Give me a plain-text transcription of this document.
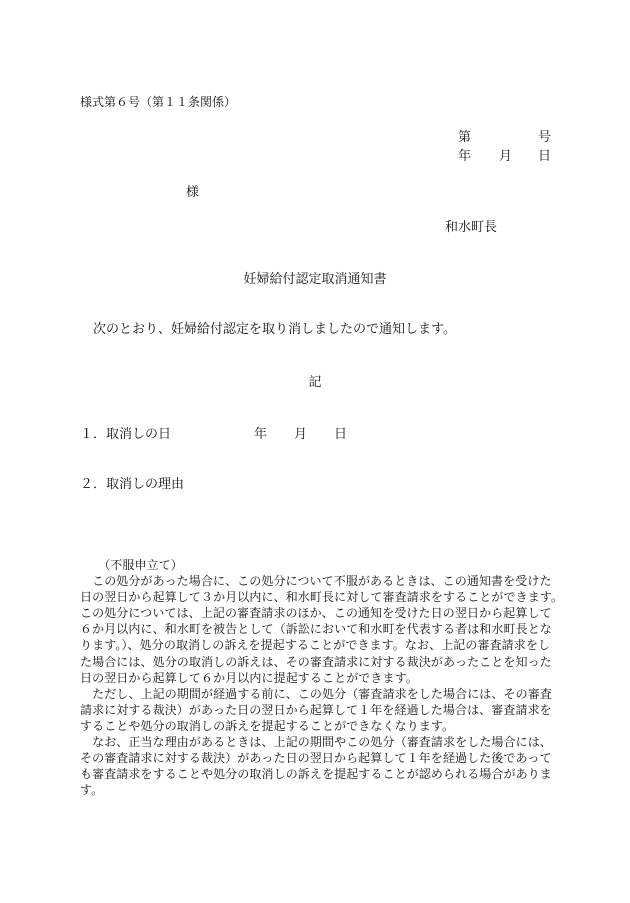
様式第６号（第１１条関係）
第	号
年 月 日
様
和水町長
妊婦給付認定取消通知書
次のとおり、妊婦給付認定を取り消しましたので通知します。
記
１．取消しの日	年 月 日
２．取消しの理由
　　（不服申立て）
　この処分があった場合に、この処分について不服があるときは、この通知書を受けた
日の翌日から起算して３か月以内に、和水町長に対して審査請求をすることができます。
この処分については、上記の審査請求のほか、この通知を受けた日の翌日から起算して
６か月以内に、和水町を被告として（訴訟において和水町を代表する者は和水町長とな
ります。）、処分の取消しの訴えを提起することができます。なお、上記の審査請求をし
た場合には、処分の取消しの訴えは、その審査請求に対する裁決があったことを知った
日の翌日から起算して６か月以内に提起することができます。
　ただし、上記の期間が経過する前に、この処分（審査請求をした場合には、その審査
請求に対する裁決）があった日の翌日から起算して１年を経過した場合は、審査請求を
することや処分の取消しの訴えを提起することができなくなります。
　なお、正当な理由があるときは、上記の期間やこの処分（審査請求をした場合には、
その審査請求に対する裁決）があった日の翌日から起算して１年を経過した後であって
も審査請求をすることや処分の取消しの訴えを提起することが認められる場合がありま
す。
